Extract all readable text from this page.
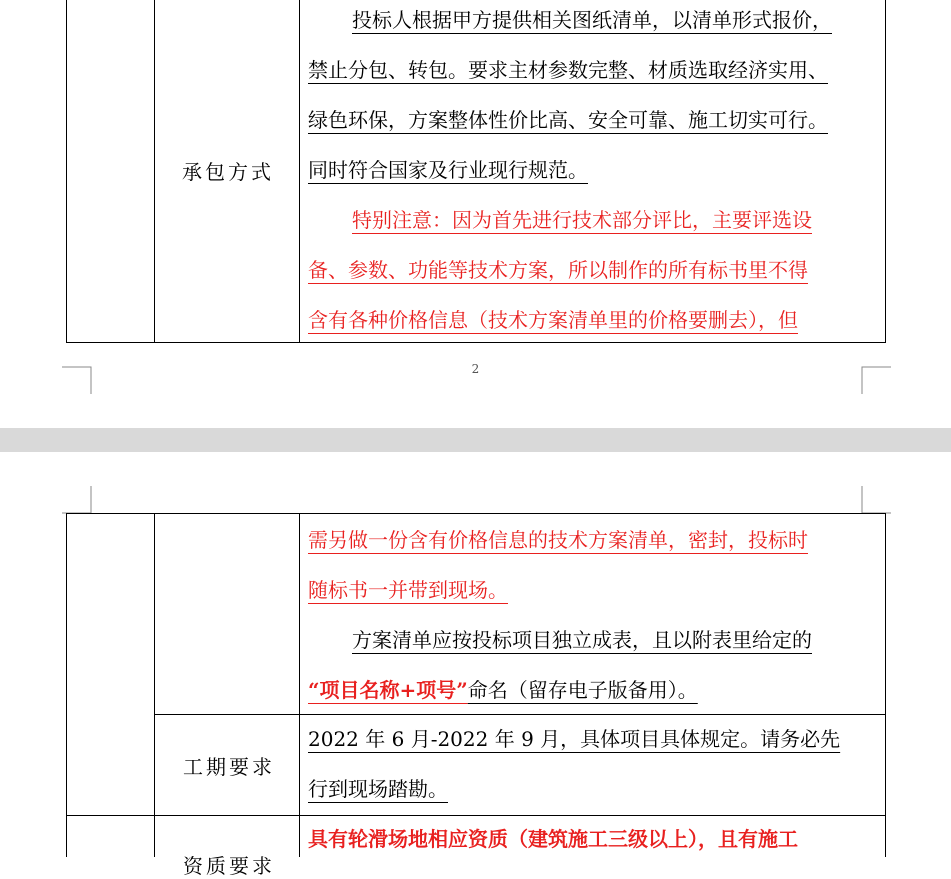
承包方式
投标人根据甲方提供相关图纸清单，以清单形式报价，
禁止分包、转包。要求主材参数完整、材质选取经济实用、
绿色环保，方案整体性价比高、安全可靠、施工切实可行。
同时符合国家及行业现行规范。
特别注意：因为首先进行技术部分评比，主要评选设
备、参数、功能等技术方案，所以制作的所有标书里不得
含有各种价格信息（技术方案清单里的价格要删去），但
2
需另做一份含有价格信息的技术方案清单，密封，投标时
随标书一并带到现场。
方案清单应按投标项目独立成表，且以附表里给定的
“项目名称+项号”命名（留存电子版备用）。
工期要求
2022 年 6 月-2022 年 9 月，具体项目具体规定。请务必先
行到现场踏勘。
资质要求
具有轮滑场地相应资质（建筑施工三级以上），且有施工
